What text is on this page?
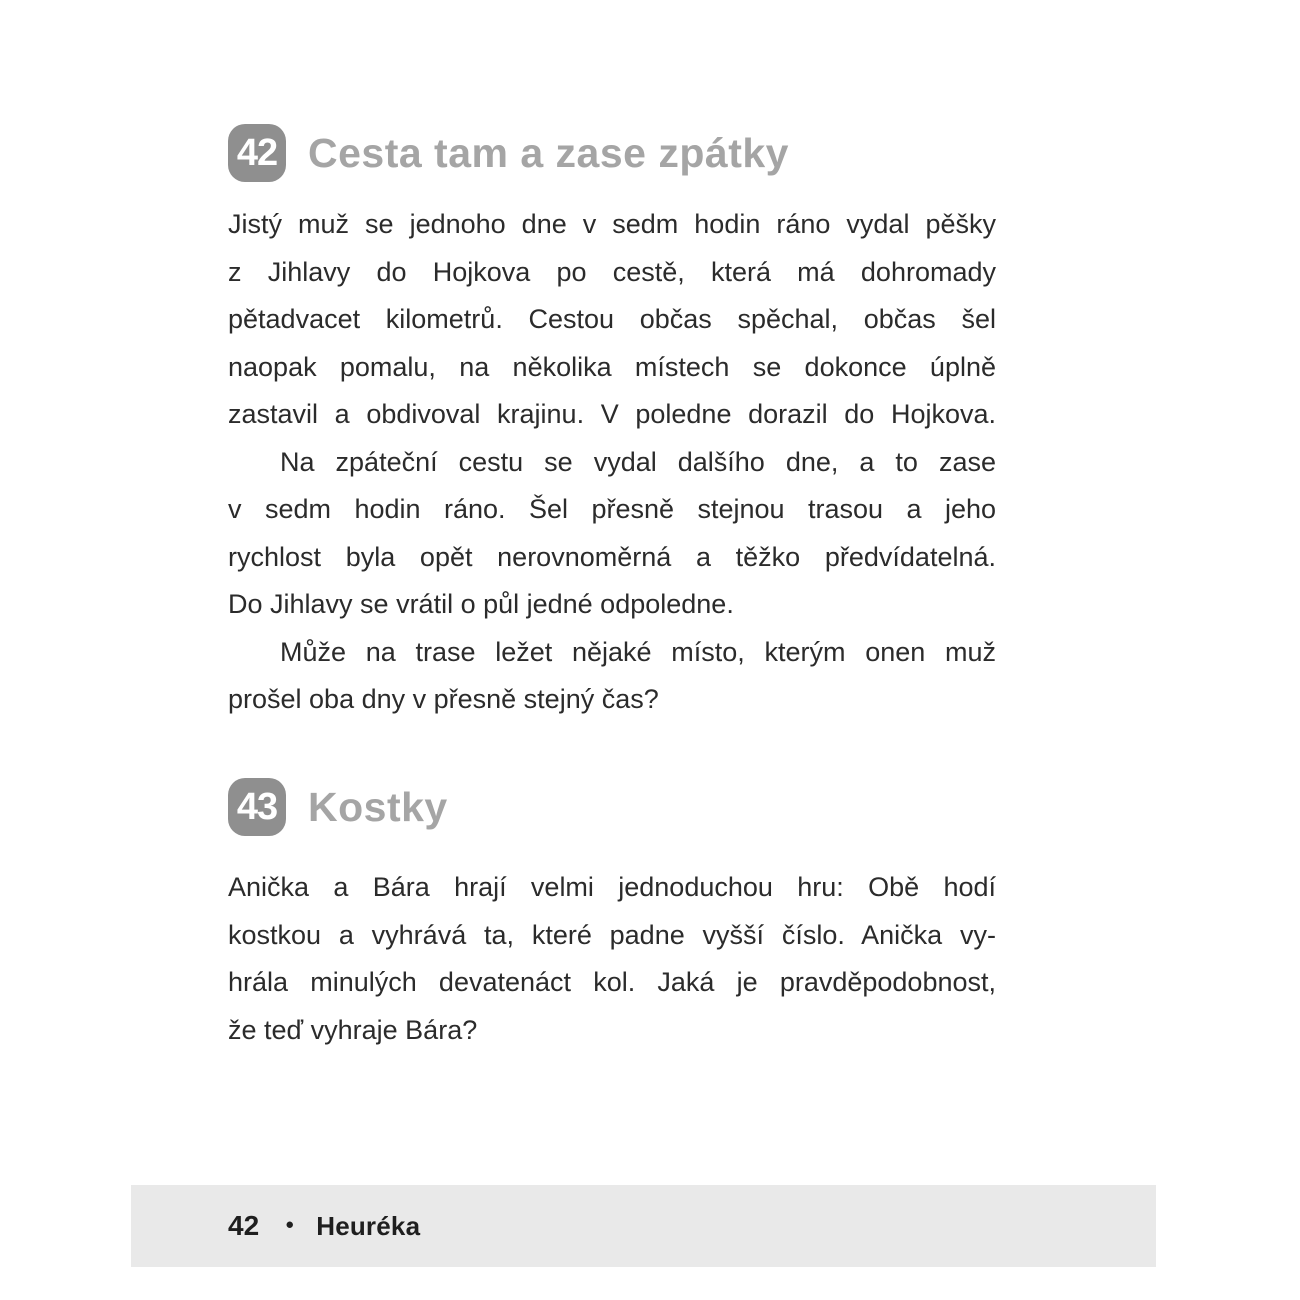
42 Cesta tam a zase zpátky
Jistý muž se jednoho dne v sedm hodin ráno vydal pěšky
z Jihlavy do Hojkova po cestě, která má dohromady
pětadvacet kilometrů. Cestou občas spěchal, občas šel
naopak pomalu, na několika místech se dokonce úplně
zastavil a obdivoval krajinu. V poledne dorazil do Hojkova.
Na zpáteční cestu se vydal dalšího dne, a to zase
v sedm hodin ráno. Šel přesně stejnou trasou a jeho
rychlost byla opět nerovnoměrná a těžko předvídatelná.
Do Jihlavy se vrátil o půl jedné odpoledne.
Může na trase ležet nějaké místo, kterým onen muž
prošel oba dny v přesně stejný čas?
43 Kostky
Anička a Bára hrají velmi jednoduchou hru: Obě hodí
kostkou a vyhrává ta, které padne vyšší číslo. Anička vy-
hrála minulých devatenáct kol. Jaká je pravděpodobnost,
že teď vyhraje Bára?
42 ● Heuréka
